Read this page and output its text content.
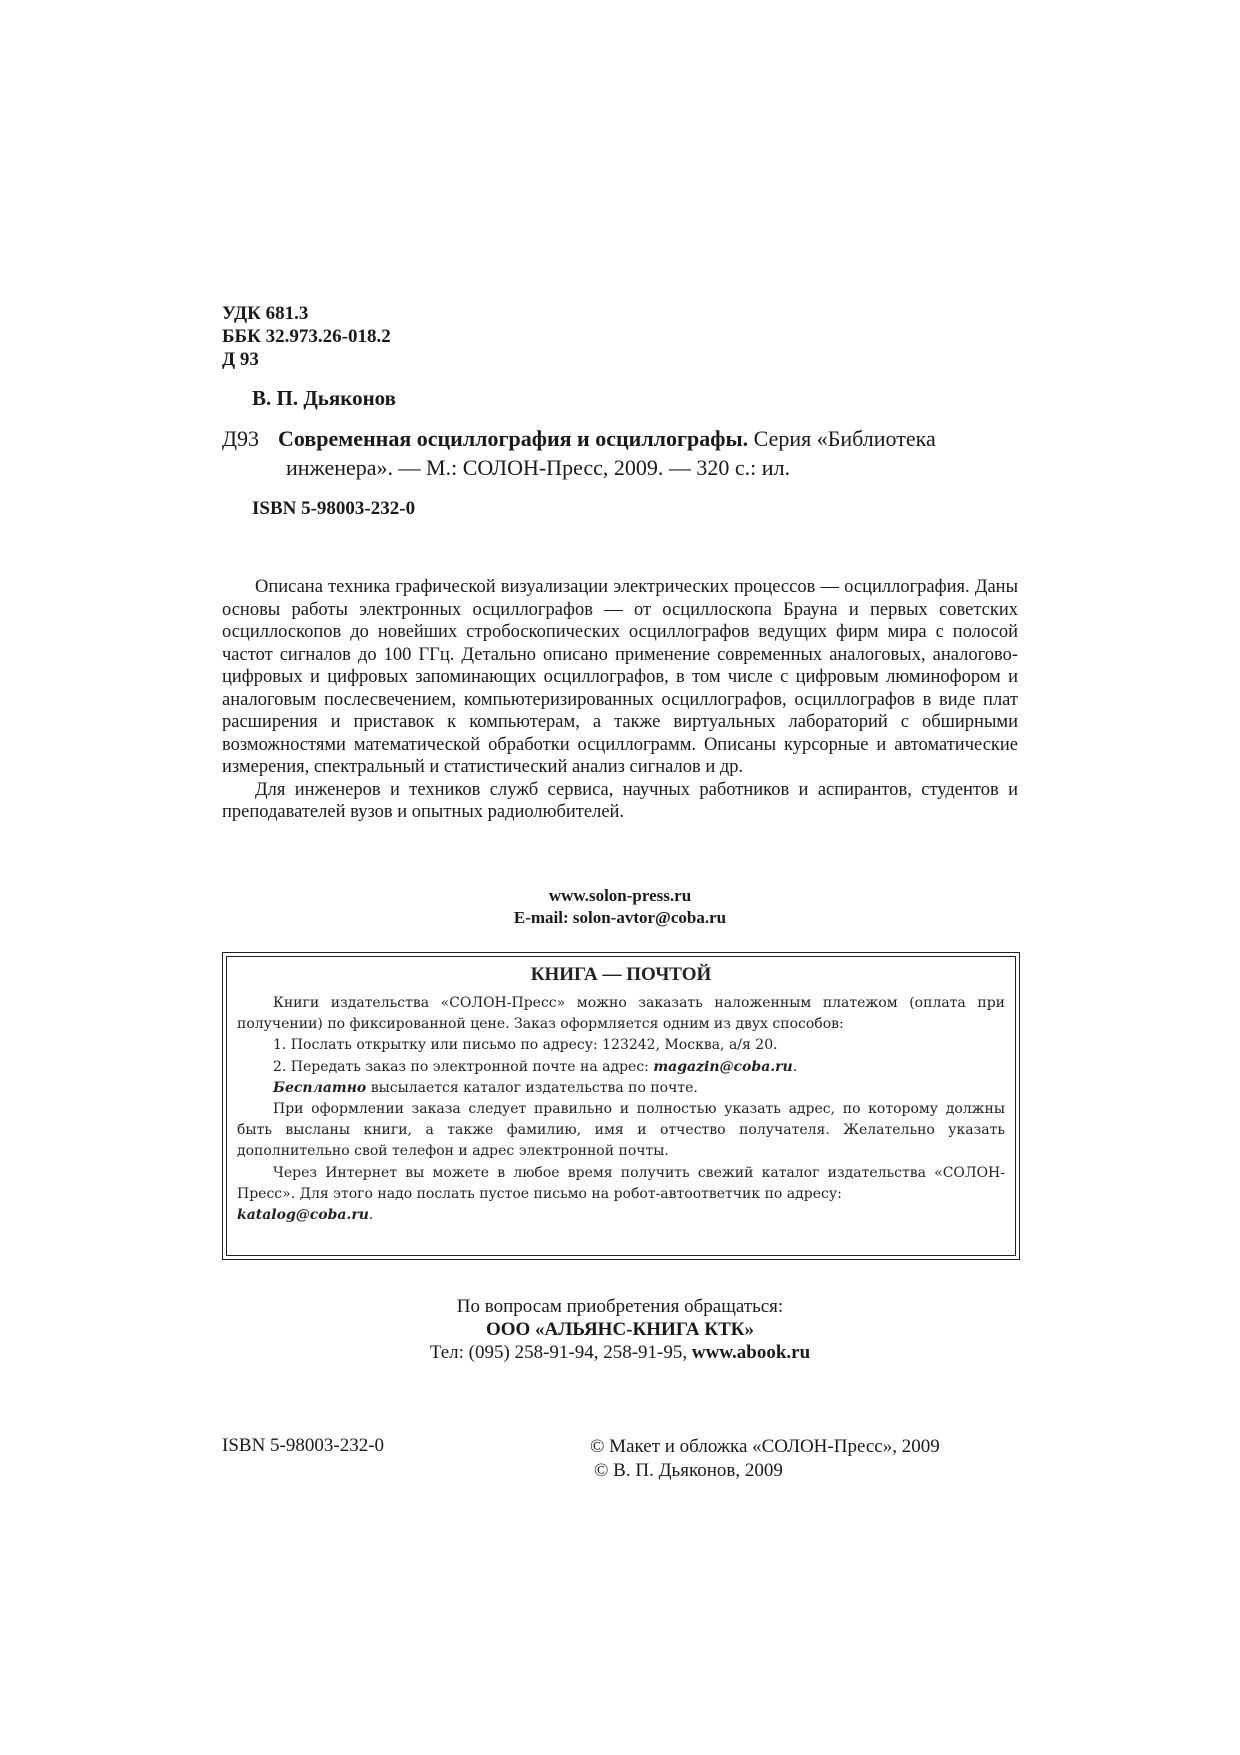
УДК 681.3
ББК 32.973.26-018.2
Д 93
В. П. Дьяконов
Д93 Современная осциллография и осциллографы. Серия «Библиотека
инженера». — М.: СОЛОН-Пресс, 2009. — 320 с.: ил.
ISBN 5-98003-232-0

Описана техника графической визуализации электрических процессов — осциллография. Даны основы работы электронных осциллографов — от осциллоскопа Брауна и первых советских осциллоскопов до новейших стробоскопических осциллографов ведущих фирм мира с полосой частот сигналов до 100 ГГц. Детально описано применение современных аналоговых, аналогово-цифровых и цифровых запоминающих осциллографов, в том числе с цифровым люминофором и аналоговым послесвечением, компьютеризированных осциллографов, осциллографов в виде плат расширения и приставок к компьютерам, а также виртуальных лабораторий с обширными возможностями математической обработки осциллограмм. Описаны курсорные и автоматические измерения, спектральный и статистический анализ сигналов и др.

Для инженеров и техников служб сервиса, научных работников и аспирантов, студентов и преподавателей вузов и опытных радиолюбителей.

www.solon-press.ru
E-mail: solon-avtor@coba.ru
КНИГА — ПОЧТОЙ

Книги издательства «СОЛОН-Пресс» можно заказать наложенным платежом (оплата при получении) по фиксированной цене. Заказ оформляется одним из двух способов:

1. Послать открытку или письмо по адресу: 123242, Москва, а/я 20.

2. Передать заказ по электронной почте на адрес: magazin@coba.ru.

Бесплатно высылается каталог издательства по почте.

При оформлении заказа следует правильно и полностью указать адрес, по которому должны быть высланы книги, а также фамилию, имя и отчество получателя. Желательно указать дополнительно свой телефон и адрес электронной почты.

Через Интернет вы можете в любое время получить свежий каталог издательства «СОЛОН-Пресс». Для этого надо послать пустое письмо на робот-автоответчик по адресу:

katalog@coba.ru.

По вопросам приобретения обращаться:
ООО «АЛЬЯНС-КНИГА КТК»
Тел: (095) 258-91-94, 258-91-95, www.abook.ru
ISBN 5-98003-232-0	© Макет и обложка «СОЛОН-Пресс», 2009
© В. П. Дьяконов, 2009
